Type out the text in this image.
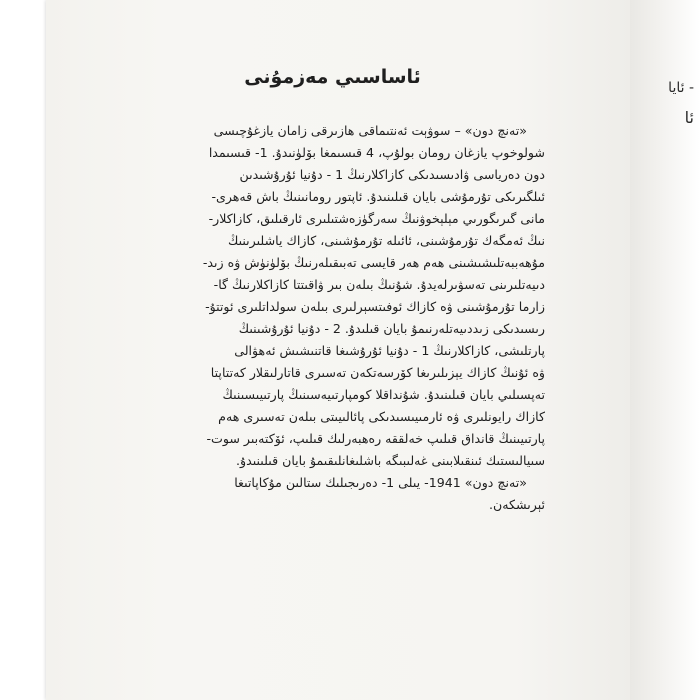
- ئايا
ئا
ئاساسىي مەزمۇنى
«تەنچ دون» – سوۋېت ئەنتىماقى ھازىرقى زامان يازغۇچىسى
شولوخوپ يازغان رومان بولۇپ، 4 قىسىمغا بۆلۈنىدۇ. 1- قىسىمدا
دون دەرياسى ۋادىسىدىكى كازاكلارنىڭ 1 - دۇنيا ئۇرۇشىدىن
ئىلگىرىكى تۇرمۇشى بايان قىلىنىدۇ. ئاپتور رومانىنىڭ باش قەھرى-
مانى گىرىگورىي مېلېخوۋنىڭ سەرگۈزەشتىلىرى ئارقىلىق، كازاكلار-
نىڭ ئەمگەك تۇرمۇشىنى، ئائىلە تۇرمۇشىنى، كازاك ياشلىرىنىڭ
مۇھەببەتلىشىشىنى ھەم ھەر قايسى تەبىقىلەرنىڭ بۆلۈنۈش ۋە زىد-
دىيەتلىرىنى تەسۋىرلەيدۇ. شۇنىڭ بىلەن بىر ۋاقىتتا كازاكلارنىڭ گا-
زارما تۇرمۇشىنى ۋە كازاك ئوفىتسېرلىرى بىلەن سولداتلىرى ئوتتۇ-
رىسىدىكى زىددىيەتلەرنىمۇ بايان قىلىدۇ. 2 - دۇنيا ئۇرۇشىنىڭ
پارتلىشى، كازاكلارنىڭ 1 - دۇنيا ئۇرۇشىغا قاتنىشىش ئەھۋالى
ۋە ئۇنىڭ كازاك يېزىلىرىغا كۆرسەتكەن تەسىرى قاتارلىقلار كەتتاپتا
تەپسىلىي بايان قىلىنىدۇ. شۇنداقلا كومپارتىيەسىنىڭ پارتىيىسىنىڭ
كازاك رايونلىرى ۋە ئارمىيىسىدىكى پائالىيىتى بىلەن تەسىرى ھەم
پارتىيىنىڭ قانداق قىلىپ خەلققە رەھبەرلىك قىلىپ، ئۆكتەبىر سوت-
سىيالىستىك ئىنقىلابىنى غەلىبىگە باشلىغانلىقىمۇ بايان قىلىنىدۇ.
«تەنچ دون» 1941- يىلى 1- دەرىجىلىك ستالىن مۇكاپاتىغا
ئېرىشكەن.
